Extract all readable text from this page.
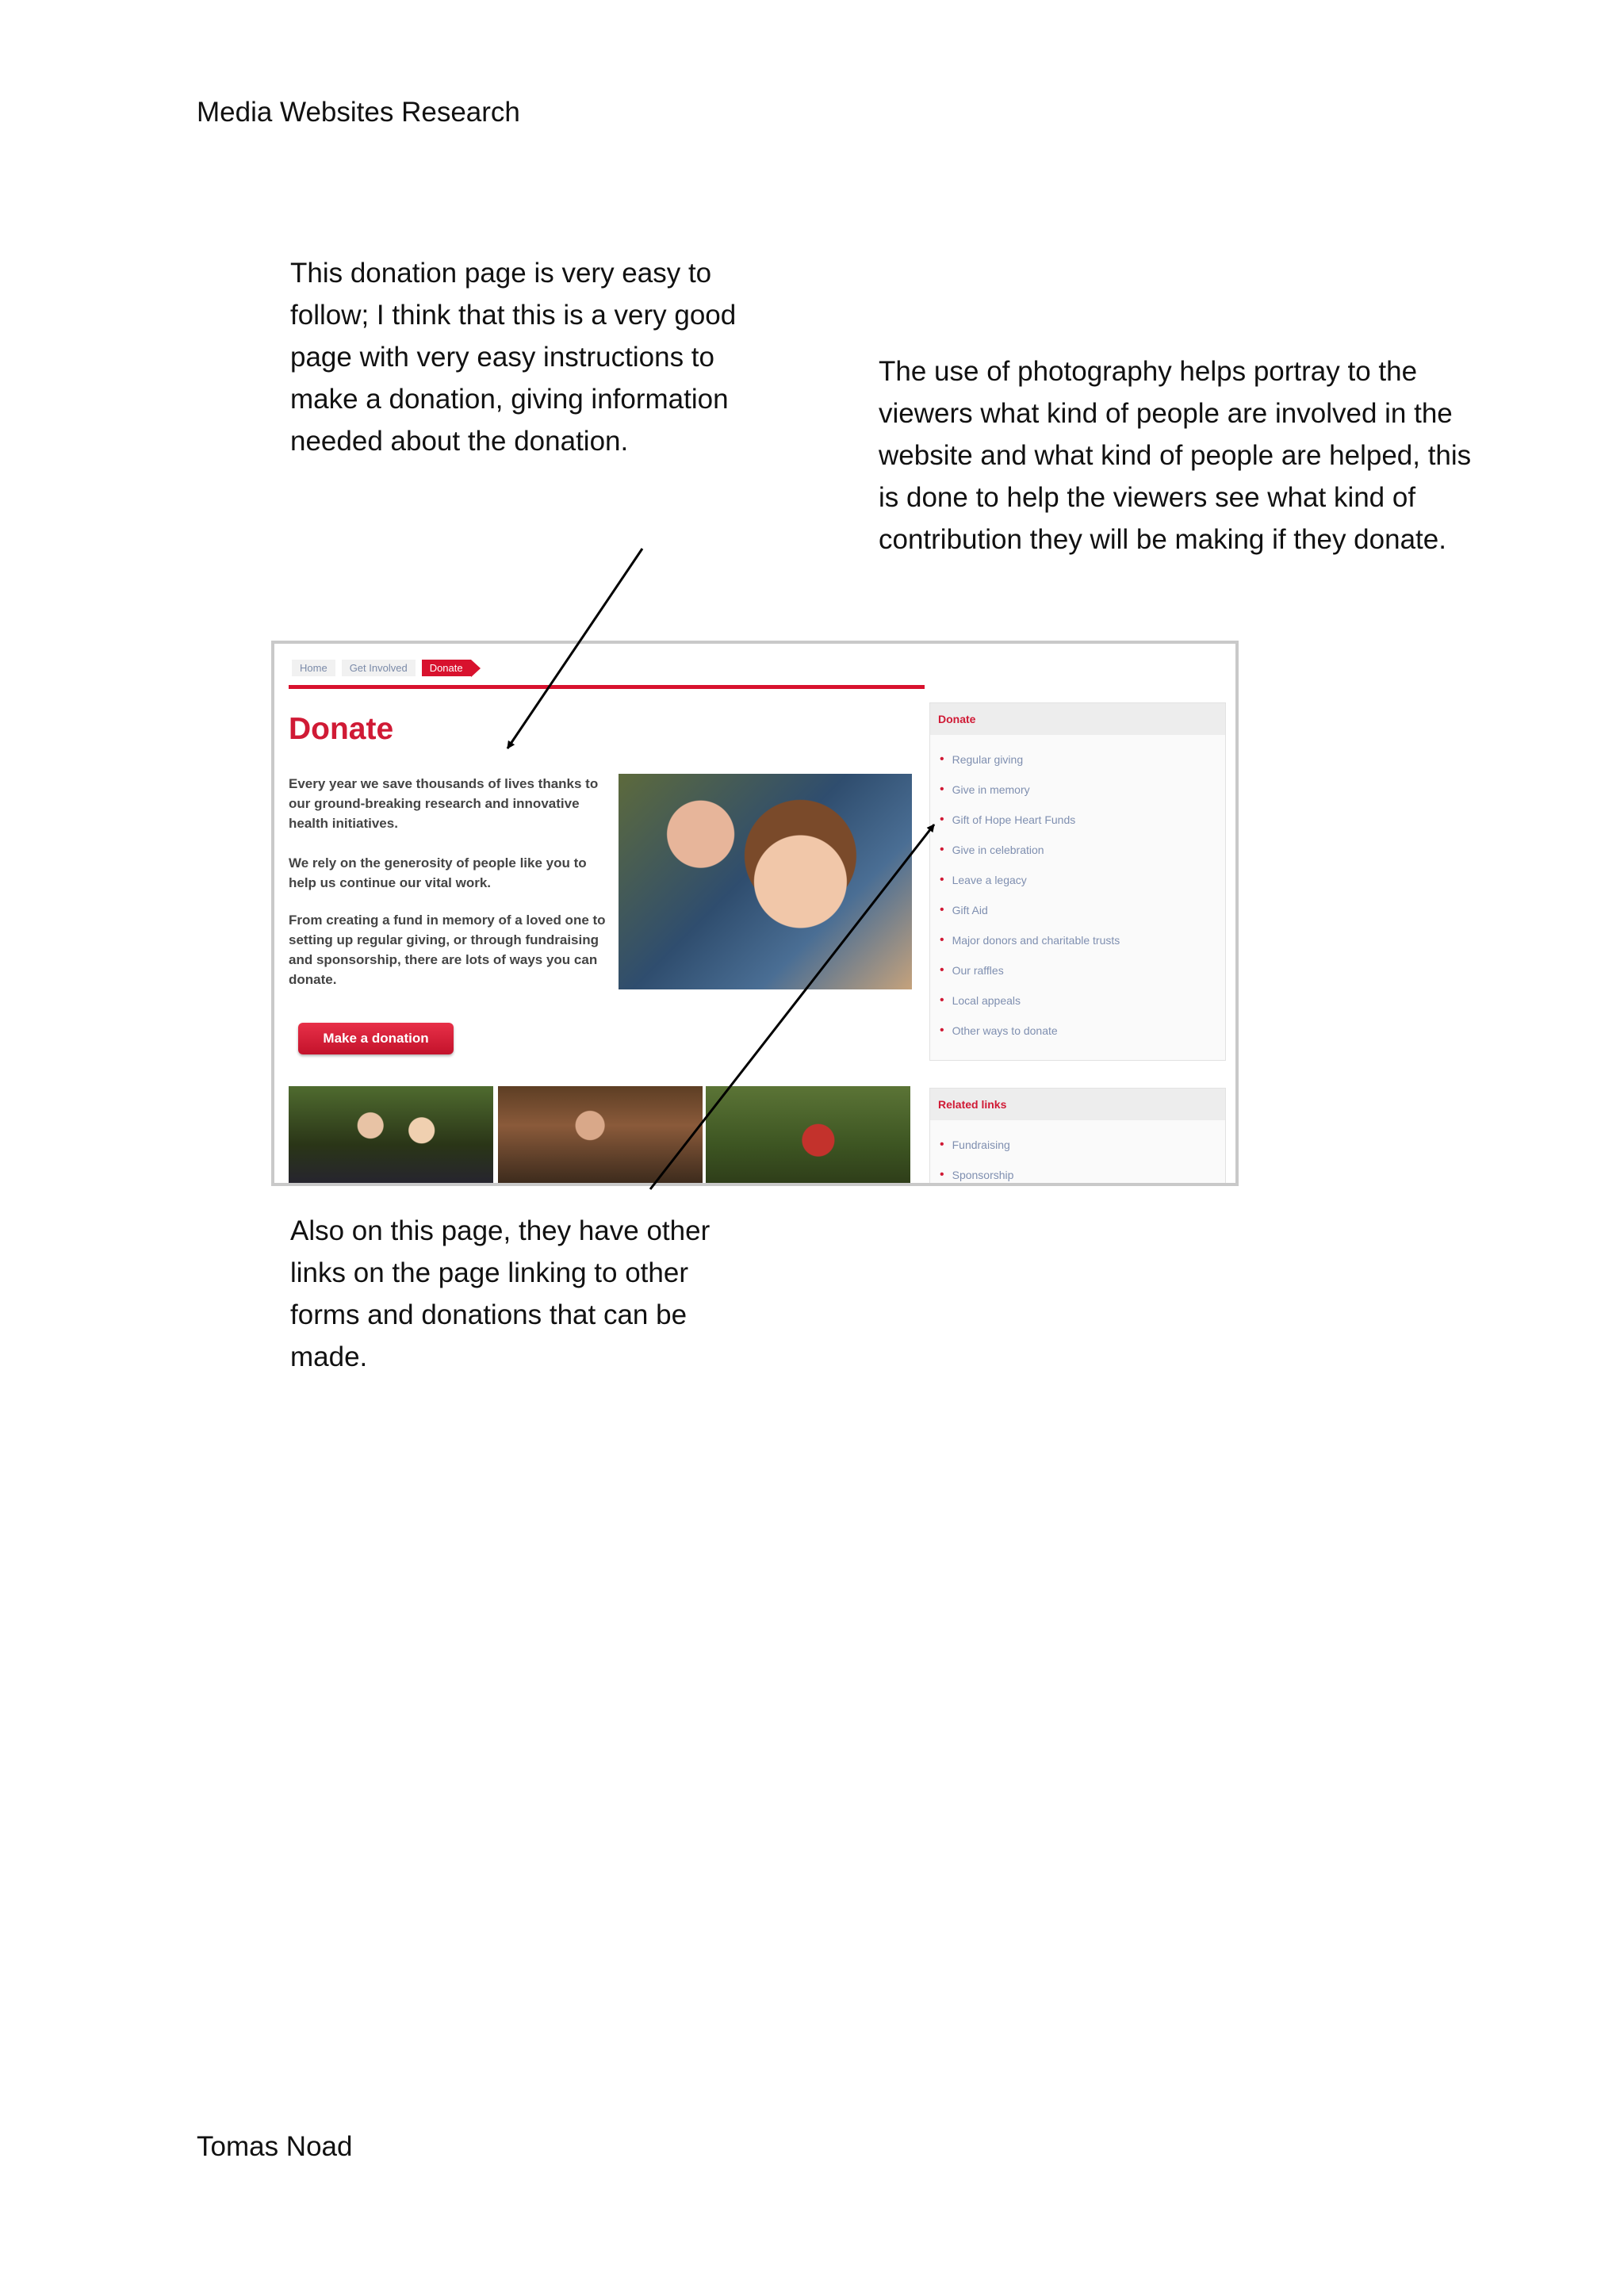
Media Websites Research
This donation page is very easy to
follow; I think that this is a very good
page with very easy instructions to
make a donation, giving information
needed about the donation.
The use of photography helps portray to the
viewers what kind of people are involved in the
website and what kind of people are helped, this
is done to help the viewers see what kind of
contribution they will be making if they donate.
Home	Get Involved	Donate
Donate
Every year we save thousands of lives thanks to our ground-breaking research and innovative health initiatives.
We rely on the generosity of people like you to help us continue our vital work.
From creating a fund in memory of a loved one to setting up regular giving, or through fundraising and sponsorship, there are lots of ways you can donate.
Make a donation
Donate
• Regular giving
• Give in memory
• Gift of Hope Heart Funds
• Give in celebration
• Leave a legacy
• Gift Aid
• Major donors and charitable trusts
• Our raffles
• Local appeals
• Other ways to donate
Related links
• Fundraising
• Sponsorship
Also on this page, they have other
links on the page linking to other
forms and donations that can be
made.
Tomas Noad
